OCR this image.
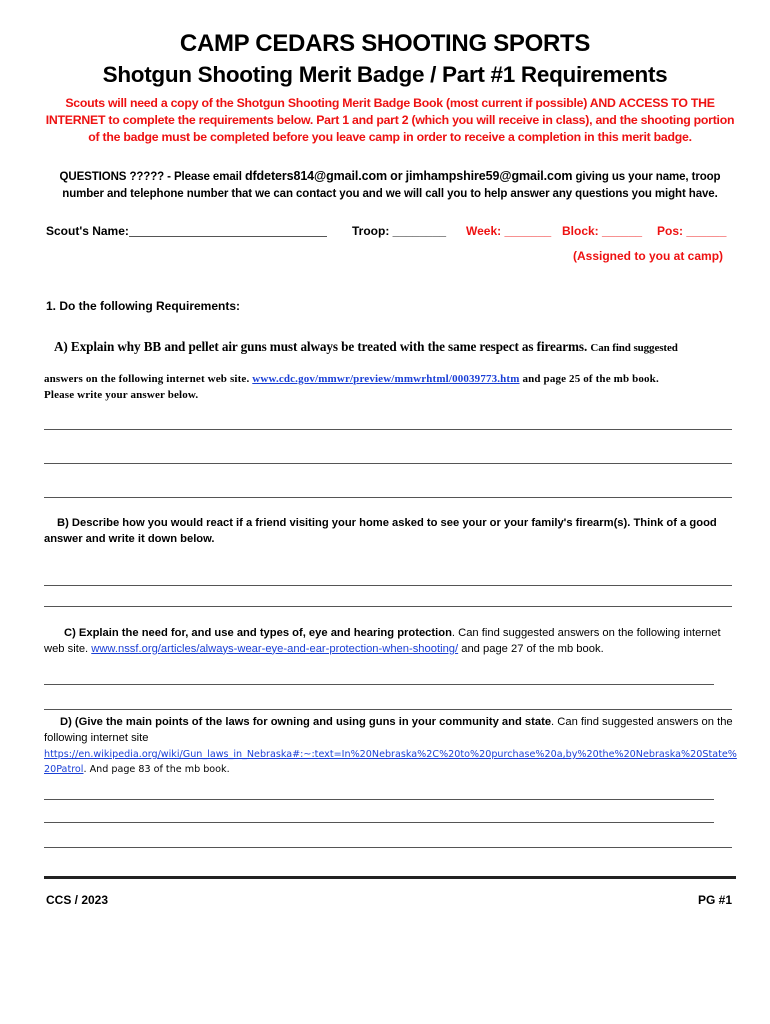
CAMP CEDARS SHOOTING SPORTS
Shotgun Shooting Merit Badge / Part #1 Requirements
Scouts will need a copy of the Shotgun Shooting Merit Badge Book (most current if possible) AND ACCESS TO THE INTERNET to complete the requirements below. Part 1 and part 2 (which you will receive in class), and the shooting portion of the badge must be completed before you leave camp in order to receive a completion in this merit badge.
QUESTIONS ????? - Please email dfdeters814@gmail.com or jimhampshire59@gmail.com giving us your name, troop number and telephone number that we can contact you and we will call you to help answer any questions you might have.
Scout's Name:	Troop: ________ Week: _______ Block: ______ Pos: ______
(Assigned to you at camp)
1. Do the following Requirements:
A) Explain why BB and pellet air guns must always be treated with the same respect as firearms. Can find suggested
answers on the following internet web site. www.cdc.gov/mmwr/preview/mmwrhtml/00039773.htm and page 25 of the mb book.
Please write your answer below.
B) Describe how you would react if a friend visiting your home asked to see your or your family's firearm(s). Think of a good answer and write it down below.
C) Explain the need for, and use and types of, eye and hearing protection. Can find suggested answers on the following internet web site. www.nssf.org/articles/always-wear-eye-and-ear-protection-when-shooting/ and page 27 of the mb book.
D) (Give the main points of the laws for owning and using guns in your community and state. Can find suggested answers on the following internet site
https://en.wikipedia.org/wiki/Gun_laws_in_Nebraska#:~:text=In%20Nebraska%2C%20to%20purchase%20a,by%20the%20Nebraska%20State%20Patrol. And page 83 of the mb book.
CCS / 2023	PG #1
